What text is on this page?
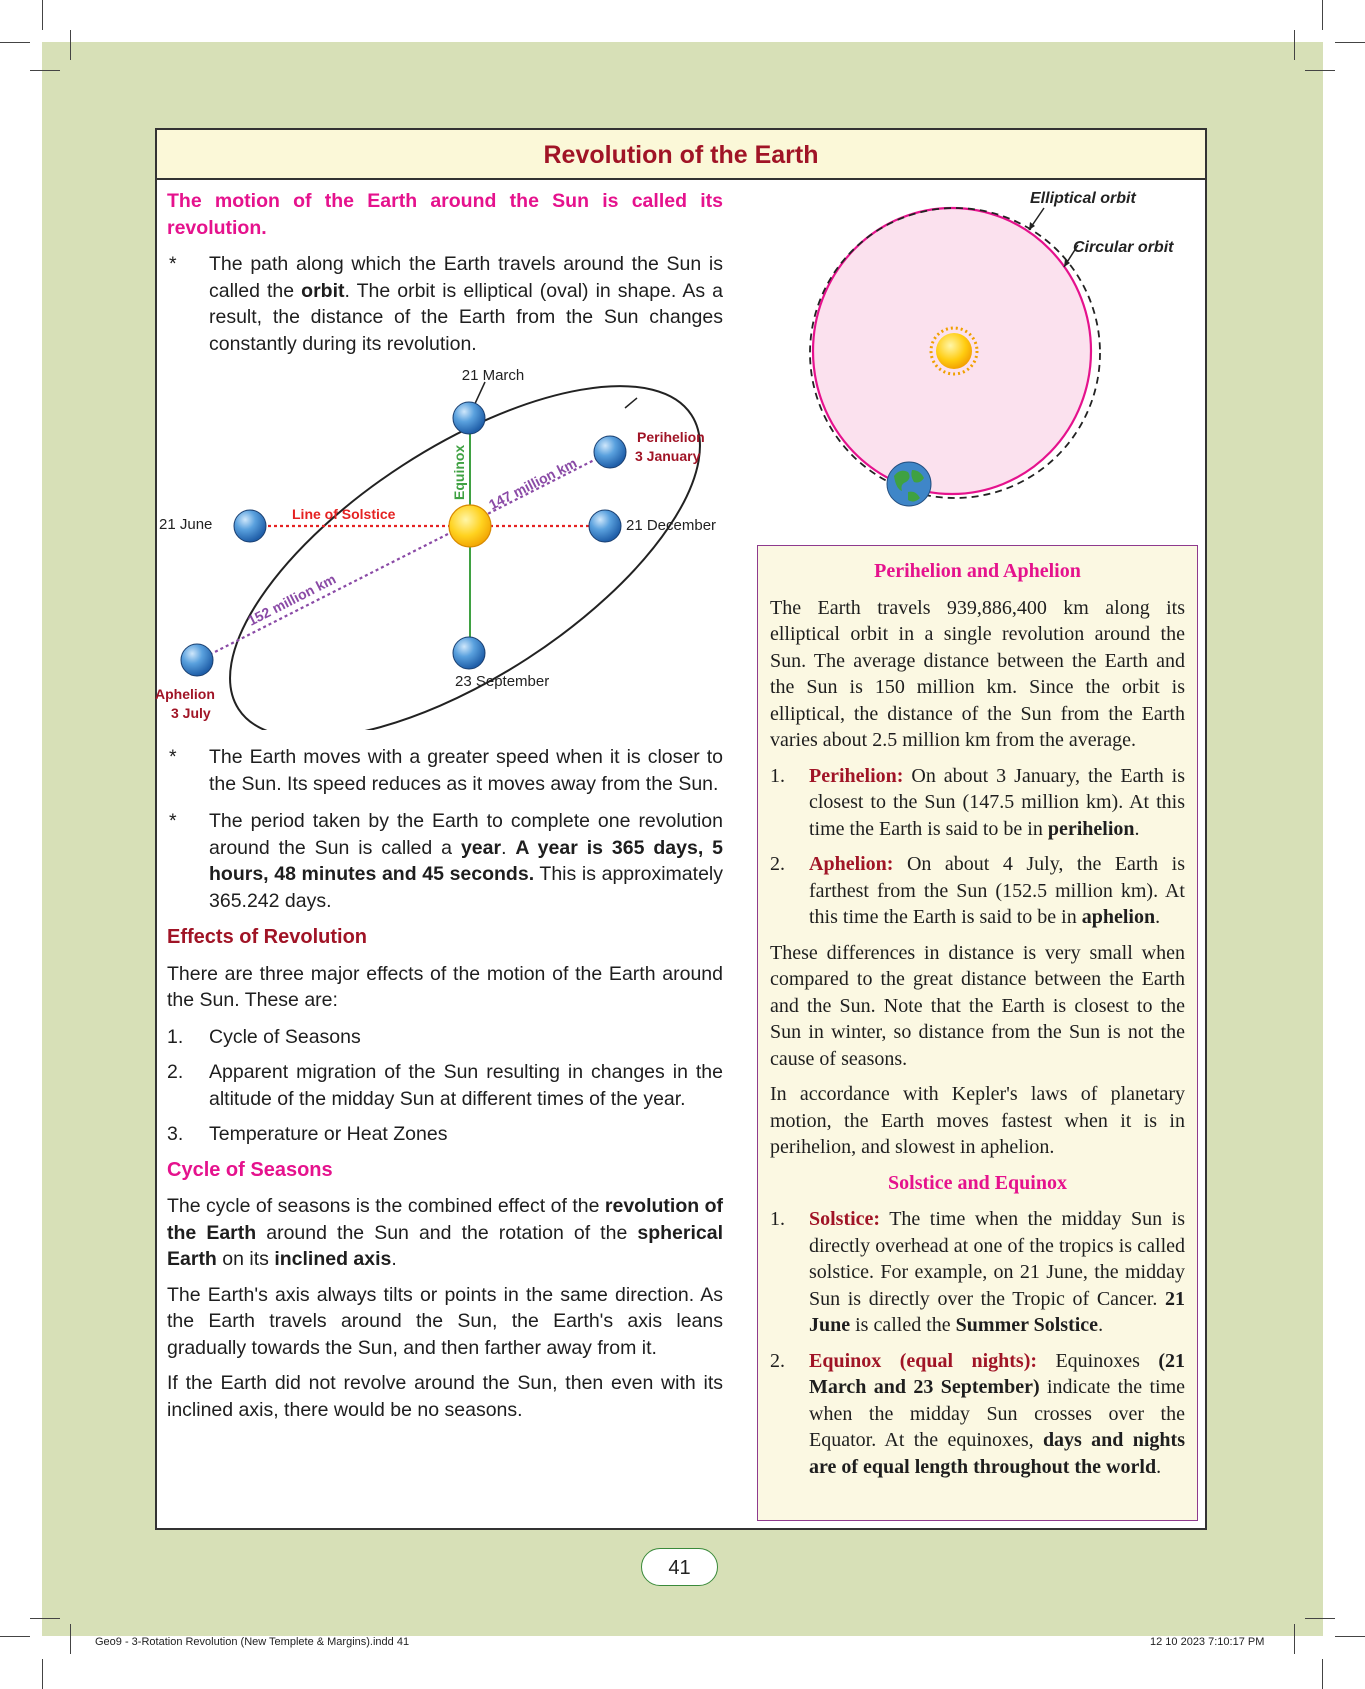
Revolution of the Earth
The motion of the Earth around the Sun is called its revolution.
* The path along which the Earth travels around the Sun is called the orbit. The orbit is elliptical (oval) in shape. As a result, the distance of the Earth from the Sun changes constantly during its revolution.
21 March
21 June	21 December
23 September
Perihelion
3 January
Aphelion
3 July
Line of Solstice
Equinox 147 million km
152 million km
* The Earth moves with a greater speed when it is closer to the Sun. Its speed reduces as it moves away from the Sun.
* The period taken by the Earth to complete one revolution around the Sun is called a year. A year is 365 days, 5 hours, 48 minutes and 45 seconds. This is approximately 365.242 days.
Effects of Revolution
There are three major effects of the motion of the Earth around the Sun. These are:
1. Cycle of Seasons
2. Apparent migration of the Sun resulting in changes in the altitude of the midday Sun at different times of the year.
3. Temperature or Heat Zones
Cycle of Seasons
The cycle of seasons is the combined effect of the revolution of the Earth around the Sun and the rotation of the spherical Earth on its inclined axis.
The Earth's axis always tilts or points in the same direction. As the Earth travels around the Sun, the Earth's axis leans gradually towards the Sun, and then farther away from it.
If the Earth did not revolve around the Sun, then even with its inclined axis, there would be no seasons.
Elliptical orbit
Circular orbit
Perihelion and Aphelion
The Earth travels 939,886,400 km along its elliptical orbit in a single revolution around the Sun. The average distance between the Earth and the Sun is 150 million km. Since the orbit is elliptical, the distance of the Sun from the Earth varies about 2.5 million km from the average.
1. Perihelion: On about 3 January, the Earth is closest to the Sun (147.5 million km). At this time the Earth is said to be in perihelion.
2. Aphelion: On about 4 July, the Earth is farthest from the Sun (152.5 million km). At this time the Earth is said to be in aphelion.
These differences in distance is very small when compared to the great distance between the Earth and the Sun. Note that the Earth is closest to the Sun in winter, so distance from the Sun is not the cause of seasons.
In accordance with Kepler's laws of planetary motion, the Earth moves fastest when it is in perihelion, and slowest in aphelion.
Solstice and Equinox
1. Solstice: The time when the midday Sun is directly overhead at one of the tropics is called solstice. For example, on 21 June, the midday Sun is directly over the Tropic of Cancer. 21 June is called the Summer Solstice.
2. Equinox (equal nights): Equinoxes (21 March and 23 September) indicate the time when the midday Sun crosses over the Equator. At the equinoxes, days and nights are of equal length throughout the world.
41
Geo9 - 3-Rotation Revolution (New Templete & Margins).indd 41	12 10 2023 7:10:17 PM
